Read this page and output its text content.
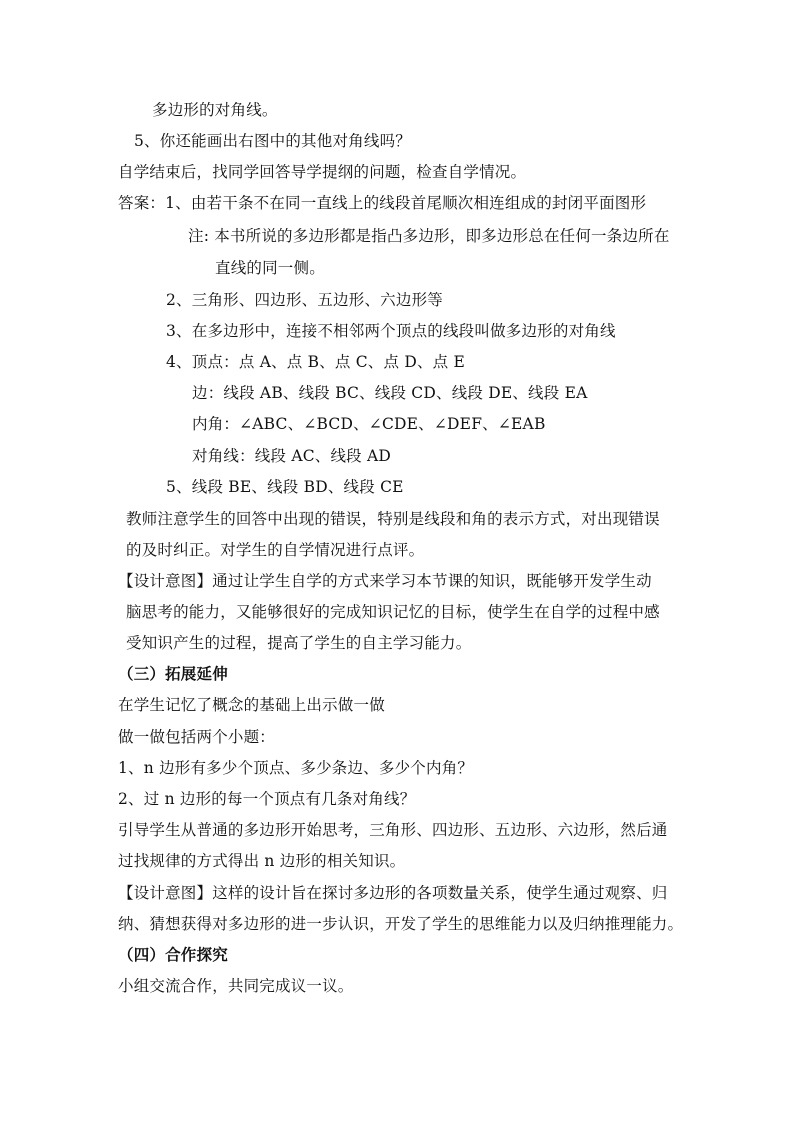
多边形的对角线。
5、你还能画出右图中的其他对角线吗？
自学结束后，找同学回答导学提纲的问题，检查自学情况。
答案：1、由若干条不在同一直线上的线段首尾顺次相连组成的封闭平面图形
注: 本书所说的多边形都是指凸多边形，即多边形总在任何一条边所在
直线的同一侧。
2、三角形、四边形、五边形、六边形等
3、在多边形中，连接不相邻两个顶点的线段叫做多边形的对角线
4、顶点：点 A、点 B、点 C、点 D、点 E
边：线段 AB、线段 BC、线段 CD、线段 DE、线段 EA
内角：∠ABC、∠BCD、∠CDE、∠DEF、∠EAB
对角线：线段 AC、线段 AD
5、线段 BE、线段 BD、线段 CE
教师注意学生的回答中出现的错误，特别是线段和角的表示方式，对出现错误
的及时纠正。对学生的自学情况进行点评。
【设计意图】通过让学生自学的方式来学习本节课的知识，既能够开发学生动
脑思考的能力，又能够很好的完成知识记忆的目标，使学生在自学的过程中感
受知识产生的过程，提高了学生的自主学习能力。
（三）拓展延伸
在学生记忆了概念的基础上出示做一做
做一做包括两个小题：
1、n 边形有多少个顶点、多少条边、多少个内角？
2、过 n 边形的每一个顶点有几条对角线？
引导学生从普通的多边形开始思考，三角形、四边形、五边形、六边形，然后通
过找规律的方式得出 n 边形的相关知识。
【设计意图】这样的设计旨在探讨多边形的各项数量关系，使学生通过观察、归
纳、猜想获得对多边形的进一步认识，开发了学生的思维能力以及归纳推理能力。
（四）合作探究
小组交流合作，共同完成议一议。
